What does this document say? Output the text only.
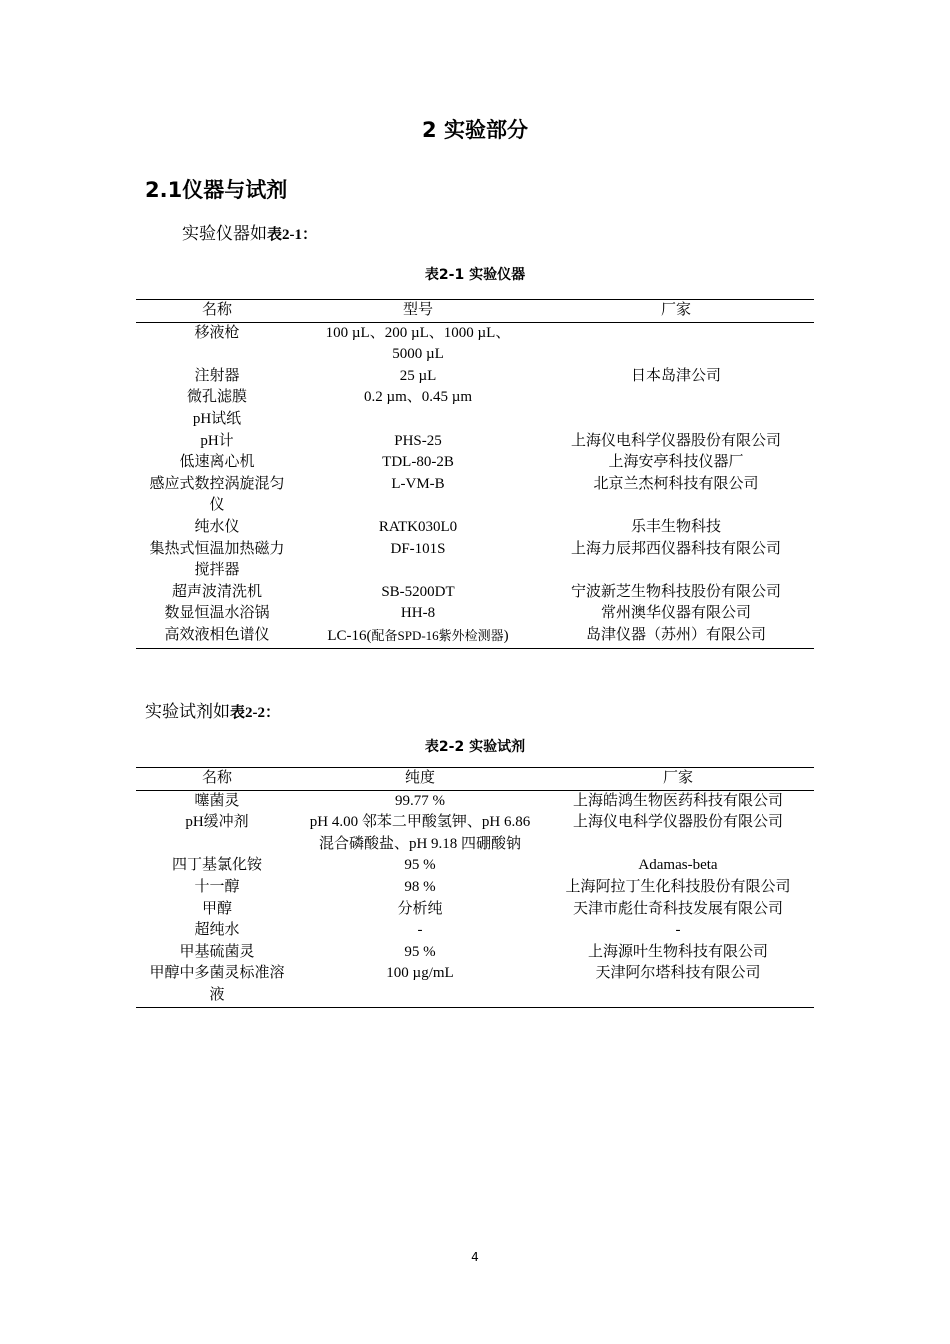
2 实验部分
2.1仪器与试剂
实验仪器如表2-1：
表2-1 实验仪器
名称	型号	厂家
移液枪	100 µL、200 µL、1000 µL、5000 µL	
注射器	25 µL	日本岛津公司
微孔滤膜	0.2 µm、0.45 µm	
pH试纸		
pH计	PHS-25	上海仪电科学仪器股份有限公司
低速离心机	TDL-80-2B	上海安亭科技仪器厂
感应式数控涡旋混匀仪	L-VM-B	北京兰杰柯科技有限公司
纯水仪	RATK030L0	乐丰生物科技
集热式恒温加热磁力搅拌器	DF-101S	上海力辰邦西仪器科技有限公司
超声波清洗机	SB-5200DT	宁波新芝生物科技股份有限公司
数显恒温水浴锅	HH-8	常州澳华仪器有限公司
高效液相色谱仪	LC-16(配备SPD-16紫外检测器)	岛津仪器（苏州）有限公司
实验试剂如表2-2：
表2-2 实验试剂
名称	纯度	厂家
噻菌灵	99.77 %	上海皓鸿生物医药科技有限公司
pH缓冲剂	pH 4.00 邻苯二甲酸氢钾、pH 6.86 混合磷酸盐、pH 9.18 四硼酸钠	上海仪电科学仪器股份有限公司
四丁基氯化铵	95 %	Adamas-beta
十一醇	98 %	上海阿拉丁生化科技股份有限公司
甲醇	分析纯	天津市彪仕奇科技发展有限公司
超纯水	-	-
甲基硫菌灵	95 %	上海源叶生物科技有限公司
甲醇中多菌灵标准溶液	100 µg/mL	天津阿尔塔科技有限公司
4
